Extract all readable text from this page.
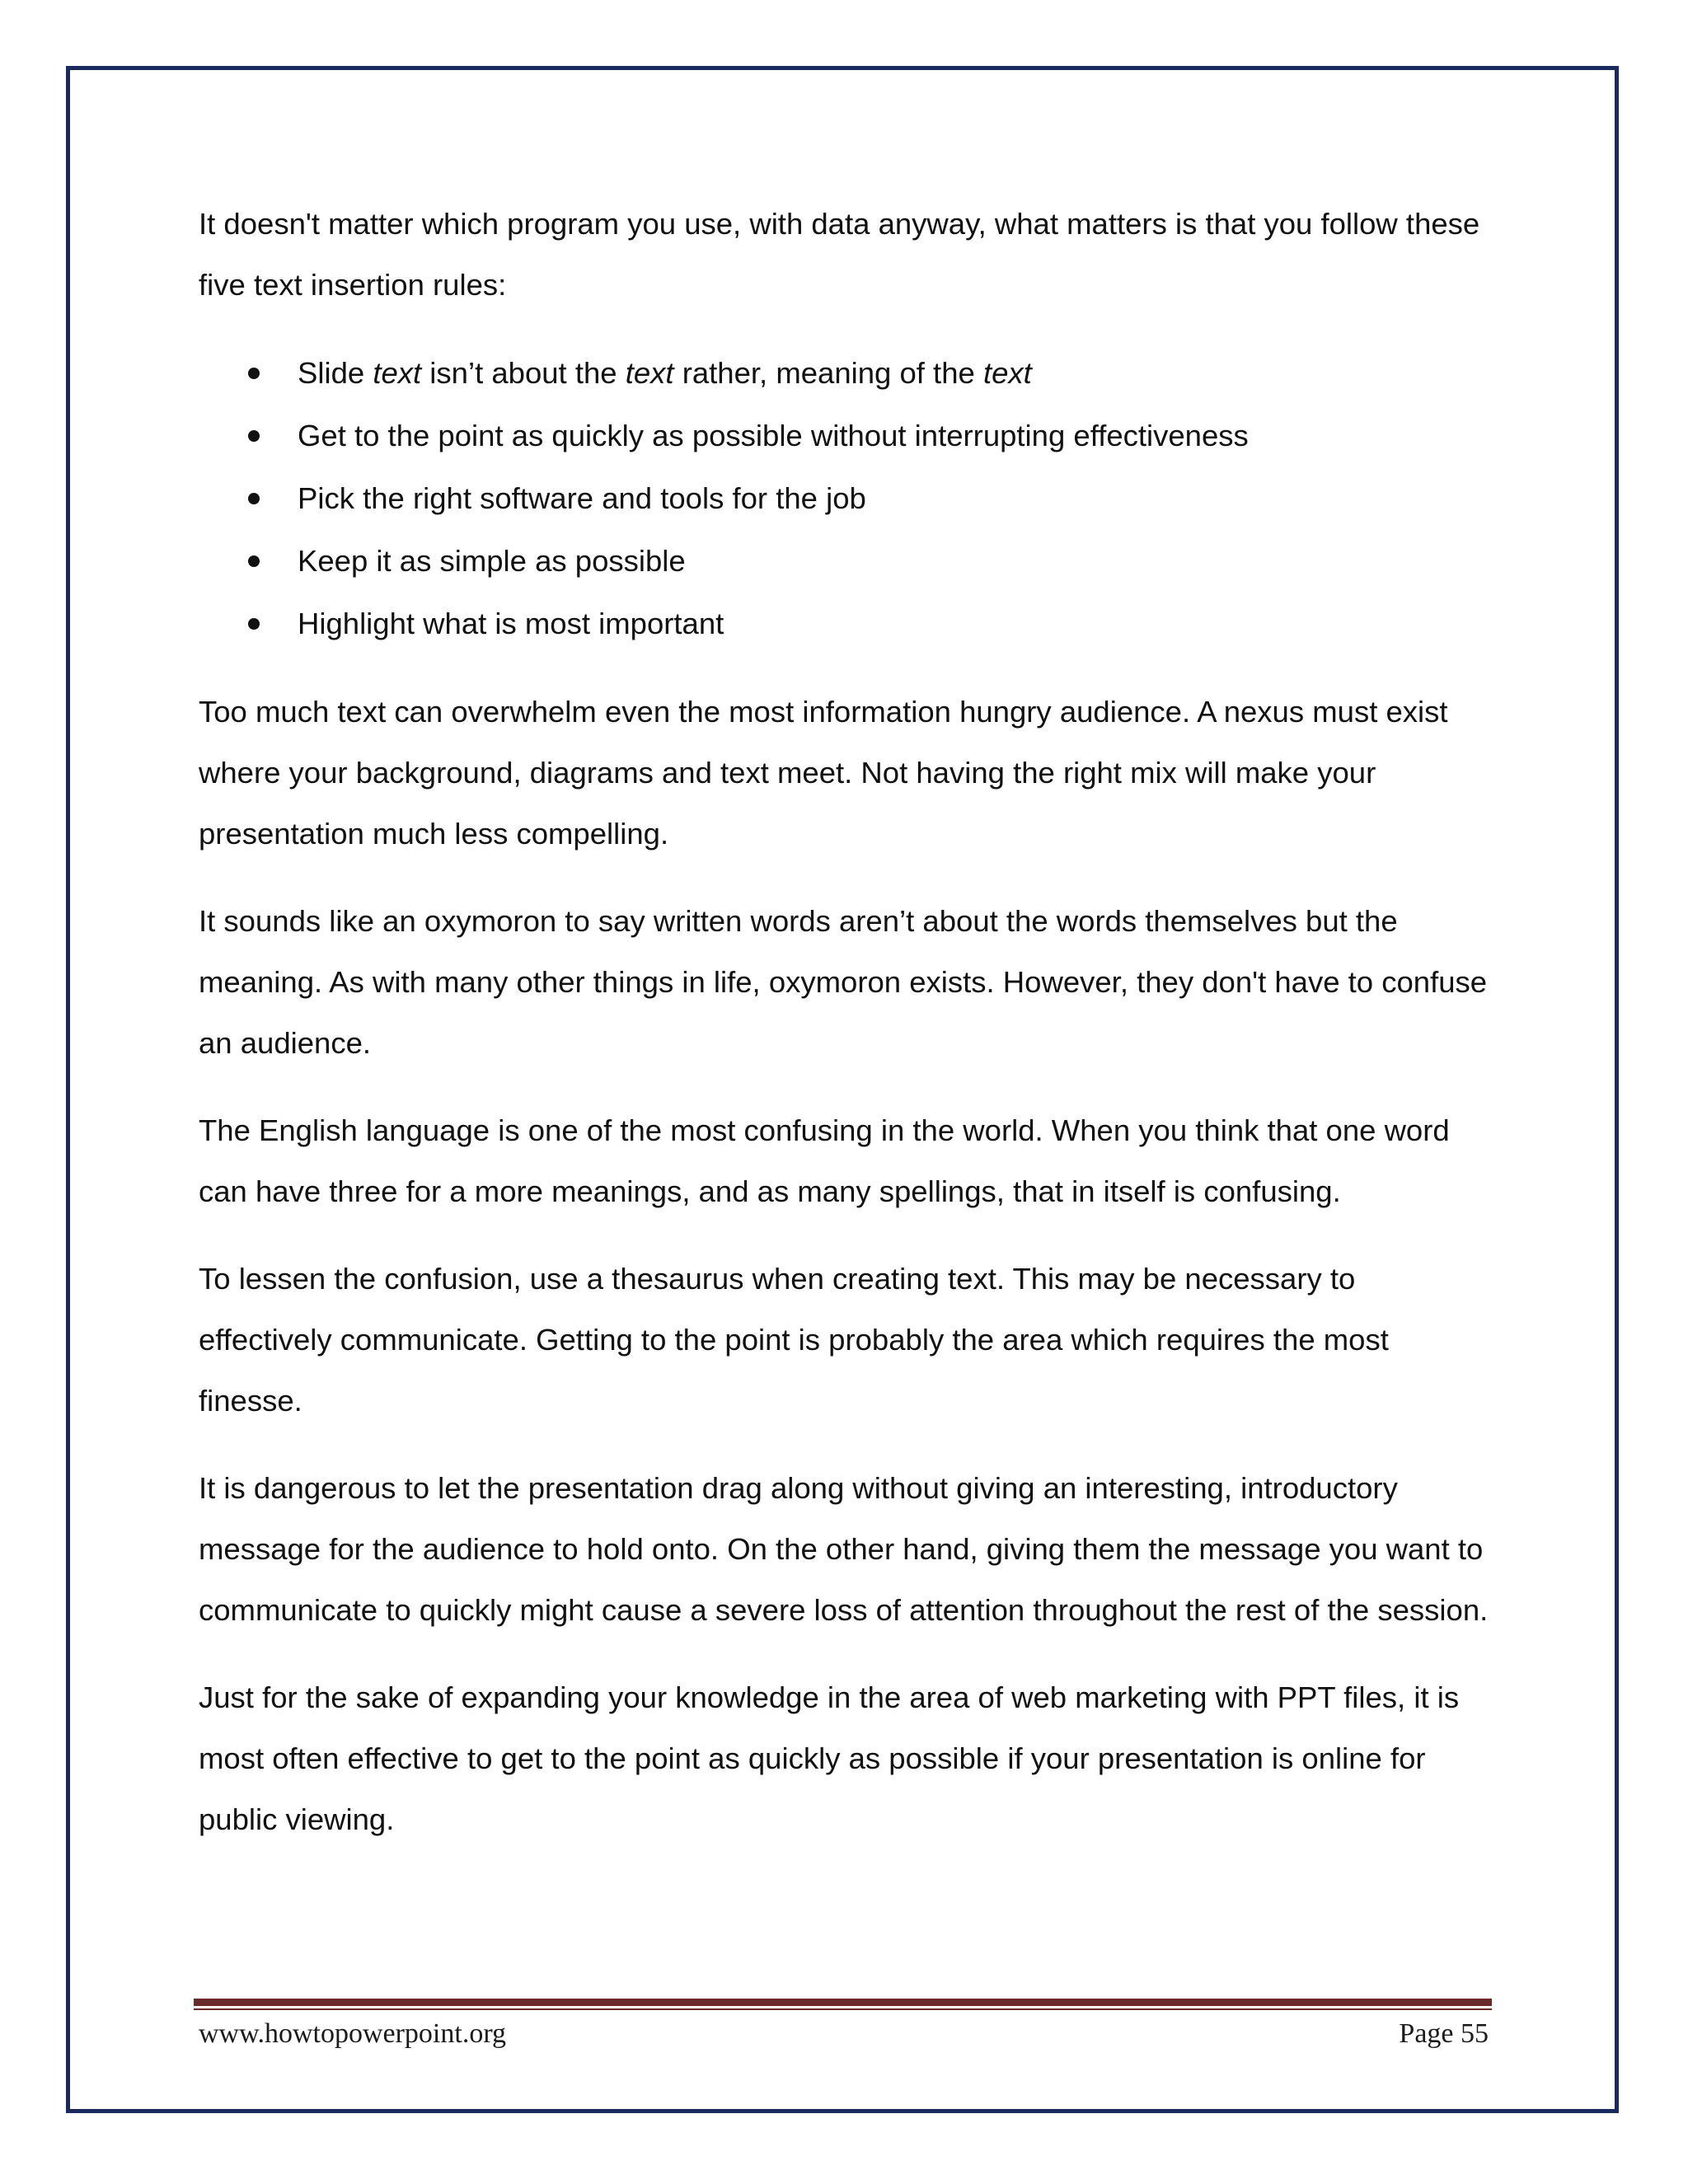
It doesn't matter which program you use, with data anyway, what matters is that you follow these five text insertion rules:

Slide text isn’t about the text rather, meaning of the text
Get to the point as quickly as possible without interrupting effectiveness
Pick the right software and tools for the job
Keep it as simple as possible
Highlight what is most important

Too much text can overwhelm even the most information hungry audience. A nexus must exist where your background, diagrams and text meet. Not having the right mix will make your presentation much less compelling.

It sounds like an oxymoron to say written words aren’t about the words themselves but the meaning. As with many other things in life, oxymoron exists. However, they don't have to confuse an audience.

The English language is one of the most confusing in the world. When you think that one word can have three for a more meanings, and as many spellings, that in itself is confusing.

To lessen the confusion, use a thesaurus when creating text. This may be necessary to effectively communicate. Getting to the point is probably the area which requires the most finesse.

It is dangerous to let the presentation drag along without giving an interesting, introductory message for the audience to hold onto. On the other hand, giving them the message you want to communicate to quickly might cause a severe loss of attention throughout the rest of the session.

Just for the sake of expanding your knowledge in the area of web marketing with PPT files, it is most often effective to get to the point as quickly as possible if your presentation is online for public viewing.

www.howtopowerpoint.org	Page 55
